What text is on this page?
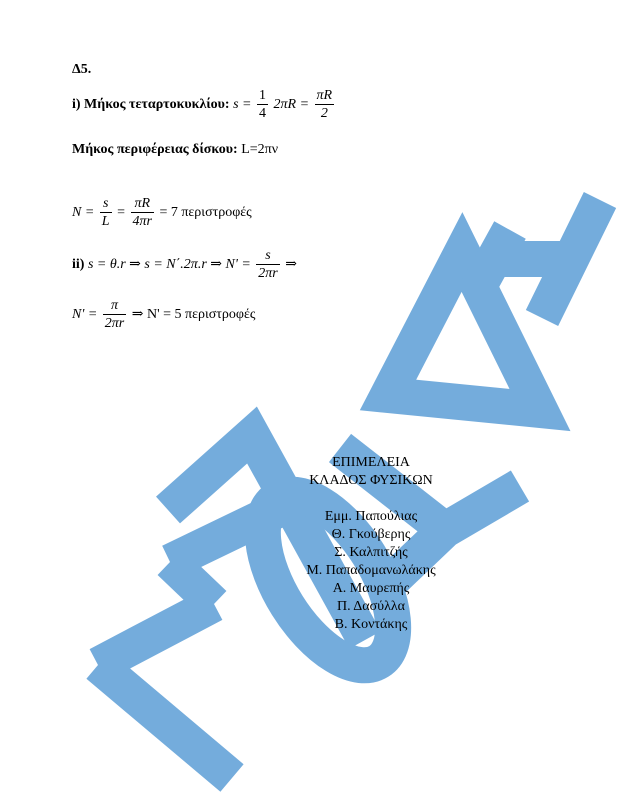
Δ5.
i) Μήκος τεταρτοκυκλίου: $s = \frac{1}{4} 2\pi R = \frac{\pi R}{2}$
Μήκος περιφέρειας δίσκου: L=2πν
$N = \frac{s}{L} = \frac{\pi R}{4\pi r} = 7$ περιστροφές
ii) s = θ.r ⇒ s = N΄.2π.r ⇒ $N' = \frac{s}{2\pi r}$ ⇒
$N' = \frac{\pi}{2\pi r}$ ⇒ N' = 5 περιστροφές
ΕΠΙΜΕΛΕΙΑ
ΚΛΑΔΟΣ ΦΥΣΙΚΩΝ
Εμμ. Παπούλιας
Θ. Γκούβερης
Σ. Καλπιτζής
Μ. Παπαδομανωλάκης
Α. Μαυρεπής
Π. Δασύλλα
Β. Κοντάκης
